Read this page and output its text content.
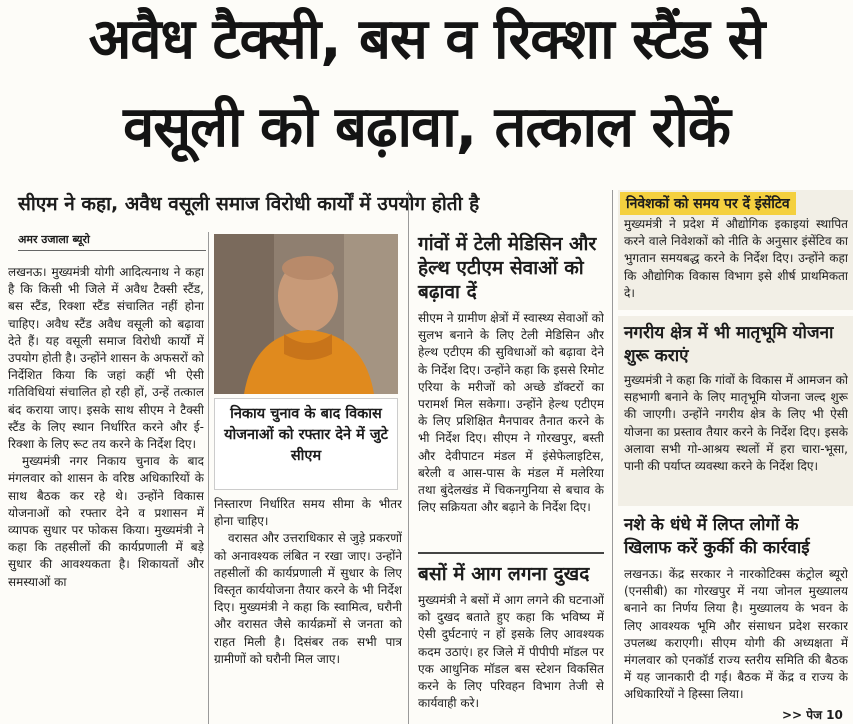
अवैध टैक्सी, बस व रिक्शा स्टैंड से
वसूली को बढ़ावा, तत्काल रोकें
सीएम ने कहा, अवैध वसूली समाज विरोधी कार्यों में उपयोग होती है
अमर उजाला ब्यूरो

लखनऊ। मुख्यमंत्री योगी आदित्यनाथ ने कहा है कि किसी भी जिले में अवैध टैक्सी स्टैंड, बस स्टैंड, रिक्शा स्टैंड संचालित नहीं होना चाहिए। अवैध स्टैंड अवैध वसूली को बढ़ावा देते हैं। यह वसूली समाज विरोधी कार्यों में उपयोग होती है। उन्होंने शासन के अफसरों को निर्देशित किया कि जहां कहीं भी ऐसी गतिविधियां संचालित हो रही हों, उन्हें तत्काल बंद कराया जाए। इसके साथ सीएम ने टैक्सी स्टैंड के लिए स्थान निर्धारित करने और ई-रिक्शा के लिए रूट तय करने के निर्देश दिए।

मुख्यमंत्री नगर निकाय चुनाव के बाद मंगलवार को शासन के वरिष्ठ अधिकारियों के साथ बैठक कर रहे थे। उन्होंने विकास योजनाओं को रफ्तार देने व प्रशासन में व्यापक सुधार पर फोकस किया। मुख्यमंत्री ने कहा कि तहसीलों की कार्यप्रणाली में बड़े सुधार की आवश्यकता है। शिकायतों और समस्याओं का

निकाय चुनाव के बाद विकास योजनाओं को रफ्तार देने में जुटे सीएम

निस्तारण निर्धारित समय सीमा के भीतर होना चाहिए।

वरासत और उत्तराधिकार से जुड़े प्रकरणों को अनावश्यक लंबित न रखा जाए। उन्होंने तहसीलों की कार्यप्रणाली में सुधार के लिए विस्तृत कार्ययोजना तैयार करने के भी निर्देश दिए। मुख्यमंत्री ने कहा कि स्वामित्व, घरौनी और वरासत जैसे कार्यक्रमों से जनता को राहत मिली है। दिसंबर तक सभी पात्र ग्रामीणों को घरौनी मिल जाए।

गांवों में टेली मेडिसिन और हेल्थ एटीएम सेवाओं को बढ़ावा दें

सीएम ने ग्रामीण क्षेत्रों में स्वास्थ्य सेवाओं को सुलभ बनाने के लिए टेली मेडिसिन और हेल्थ एटीएम की सुविधाओं को बढ़ावा देने के निर्देश दिए। उन्होंने कहा कि इससे रिमोट एरिया के मरीजों को अच्छे डॉक्टरों का परामर्श मिल सकेगा। उन्होंने हेल्थ एटीएम के लिए प्रशिक्षित मैनपावर तैनात करने के भी निर्देश दिए। सीएम ने गोरखपुर, बस्ती और देवीपाटन मंडल में इंसेफेलाइटिस, बरेली व आस-पास के मंडल में मलेरिया तथा बुंदेलखंड में चिकनगुनिया से बचाव के लिए सक्रियता और बढ़ाने के निर्देश दिए।

बसों में आग लगना दुखद

मुख्यमंत्री ने बसों में आग लगने की घटनाओं को दुखद बताते हुए कहा कि भविष्य में ऐसी दुर्घटनाएं न हों इसके लिए आवश्यक कदम उठाएं। हर जिले में पीपीपी मॉडल पर एक आधुनिक मॉडल बस स्टेशन विकसित करने के लिए परिवहन विभाग तेजी से कार्यवाही करे।

निवेशकों को समय पर दें इंसेंटिव

मुख्यमंत्री ने प्रदेश में औद्योगिक इकाइयां स्थापित करने वाले निवेशकों को नीति के अनुसार इंसेंटिव का भुगतान समयबद्ध करने के निर्देश दिए। उन्होंने कहा कि औद्योगिक विकास विभाग इसे शीर्ष प्राथमिकता दे।

नगरीय क्षेत्र में भी मातृभूमि योजना शुरू कराएं

मुख्यमंत्री ने कहा कि गांवों के विकास में आमजन को सहभागी बनाने के लिए मातृभूमि योजना जल्द शुरू की जाएगी। उन्होंने नगरीय क्षेत्र के लिए भी ऐसी योजना का प्रस्ताव तैयार करने के निर्देश दिए। इसके अलावा सभी गो-आश्रय स्थलों में हरा चारा-भूसा, पानी की पर्याप्त व्यवस्था करने के निर्देश दिए।

नशे के धंधे में लिप्त लोगों के खिलाफ करें कुर्की की कार्रवाई

लखनऊ। केंद्र सरकार ने नारकोटिक्स कंट्रोल ब्यूरो (एनसीबी) का गोरखपुर में नया जोनल मुख्यालय बनाने का निर्णय लिया है। मुख्यालय के भवन के लिए आवश्यक भूमि और संसाधन प्रदेश सरकार उपलब्ध कराएगी। सीएम योगी की अध्यक्षता में मंगलवार को एनकॉर्ड राज्य स्तरीय समिति की बैठक में यह जानकारी दी गई। बैठक में केंद्र व राज्य के अधिकारियों ने हिस्सा लिया।

>> पेज 10
